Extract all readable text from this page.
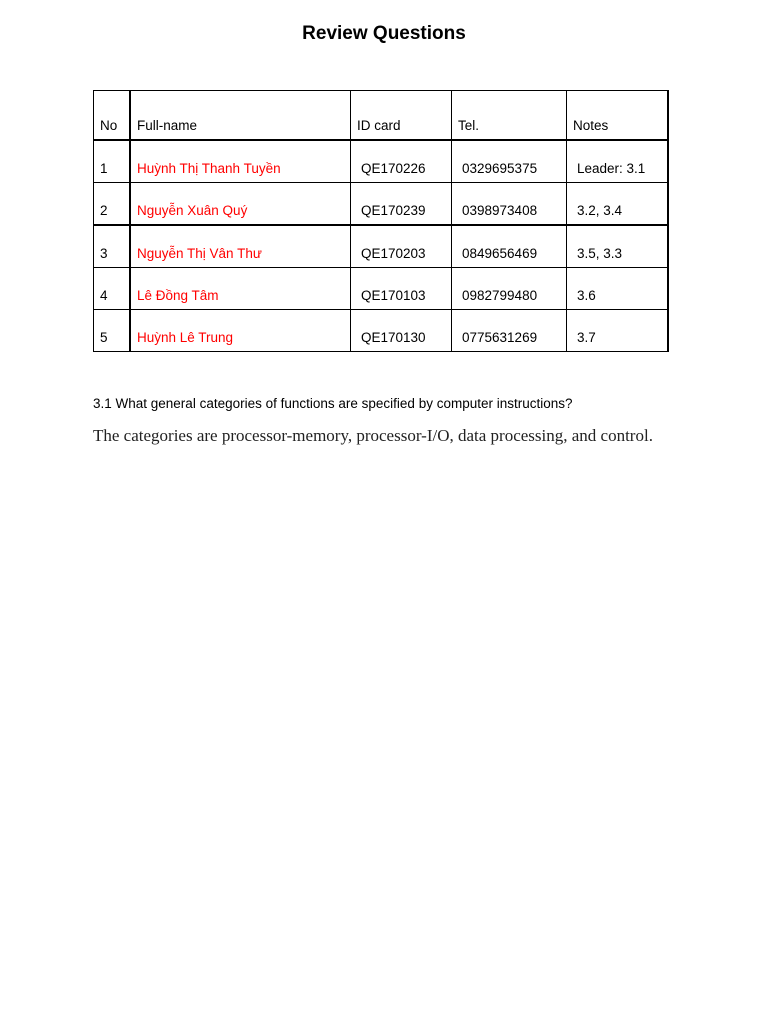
Review Questions
No	Full-name	ID card	Tel.	Notes
1	Huỳnh Thị Thanh Tuyền	QE170226	0329695375	Leader: 3.1
2	Nguyễn Xuân Quý	QE170239	0398973408	3.2, 3.4
3	Nguyễn Thị Vân Thư	QE170203	0849656469	3.5, 3.3
4	Lê Đồng Tâm	QE170103	0982799480	3.6
5	Huỳnh Lê Trung	QE170130	0775631269	3.7
3.1 What general categories of functions are specified by computer instructions?
The categories are processor-memory, processor-I/O, data processing, and control.
